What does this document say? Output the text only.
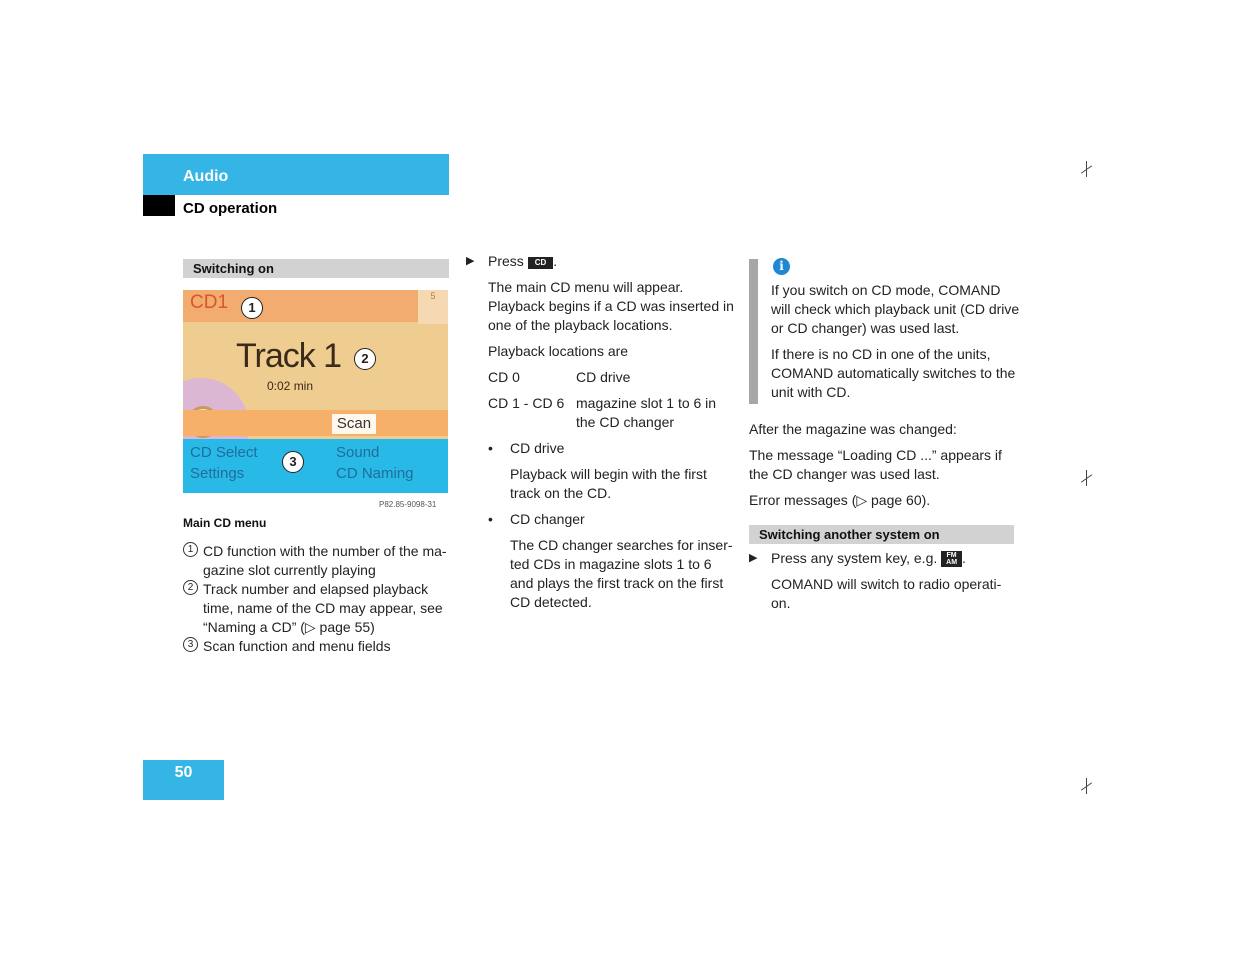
Audio
CD operation
Switching on
CD1	5
Track 1
0:02 min
Scan
CD Select	Sound
Settings	CD Naming
1
2
3
P82.85-9098-31
Main CD menu
1 CD function with the number of the ma-gazine slot currently playing
2 Track number and elapsed playback time, name of the CD may appear, see “Naming a CD” (▷ page 55)
3 Scan function and menu fields
▶ Press CD .

The main CD menu will appear. Playback begins if a CD was inserted in one of the playback locations.

Playback locations are

CD 0	CD drive
CD 1 - CD 6 magazine slot 1 to 6 in the CD changer
•	CD drive

Playback will begin with the first track on the CD.

•	CD changer

The CD changer searches for inser-ted CDs in magazine slots 1 to 6 and plays the first track on the first CD detected.

i

If you switch on CD mode, COMAND will check which playback unit (CD drive or CD changer) was used last.

If there is no CD in one of the units, COMAND automatically switches to the unit with CD.

After the magazine was changed:

The message “Loading CD ...” appears if the CD changer was used last.

Error messages (▷ page 60).

Switching another system on
▶ Press any system key, e.g. FM
AM .

COMAND will switch to radio operati-on.

50
